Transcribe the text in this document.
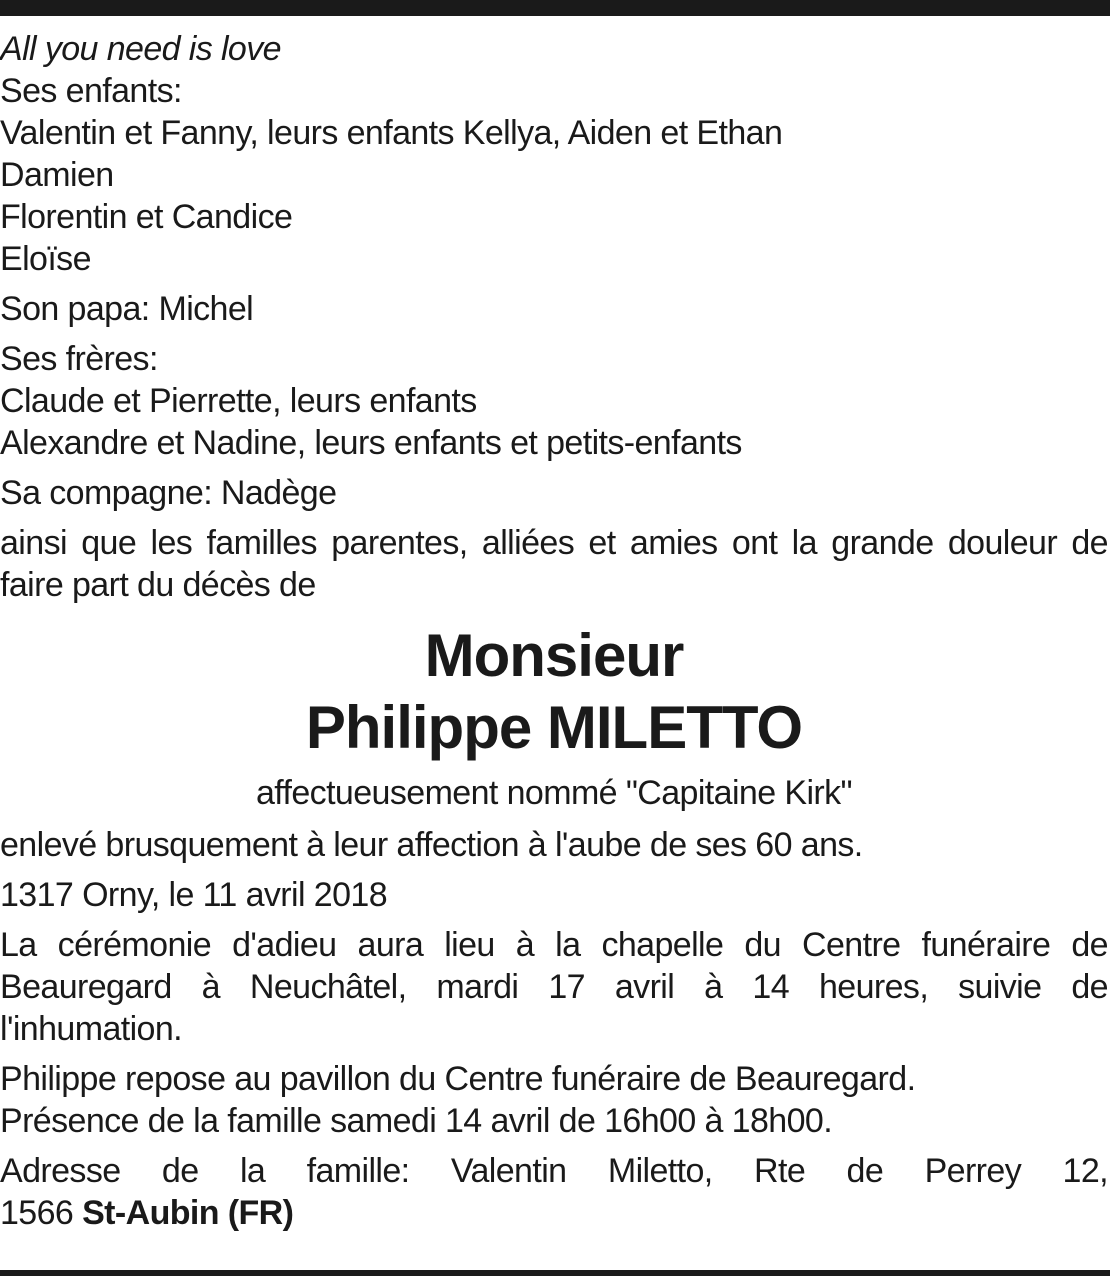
All you need is love
Ses enfants:
Valentin et Fanny, leurs enfants Kellya, Aiden et Ethan
Damien
Florentin et Candice
Eloïse
Son papa: Michel
Ses frères:
Claude et Pierrette, leurs enfants
Alexandre et Nadine, leurs enfants et petits-enfants
Sa compagne: Nadège
ainsi que les familles parentes, alliées et amies ont la grande douleur de
faire part du décès de
Monsieur
Philippe MILETTO
affectueusement nommé "Capitaine Kirk"
enlevé brusquement à leur affection à l'aube de ses 60 ans.
1317 Orny, le 11 avril 2018
La cérémonie d'adieu aura lieu à la chapelle du Centre funéraire de
Beauregard à Neuchâtel, mardi 17 avril à 14 heures, suivie de
l'inhumation.
Philippe repose au pavillon du Centre funéraire de Beauregard.
Présence de la famille samedi 14 avril de 16h00 à 18h00.
Adresse de la famille: Valentin Miletto, Rte de Perrey 12,
1566 St-Aubin (FR)
